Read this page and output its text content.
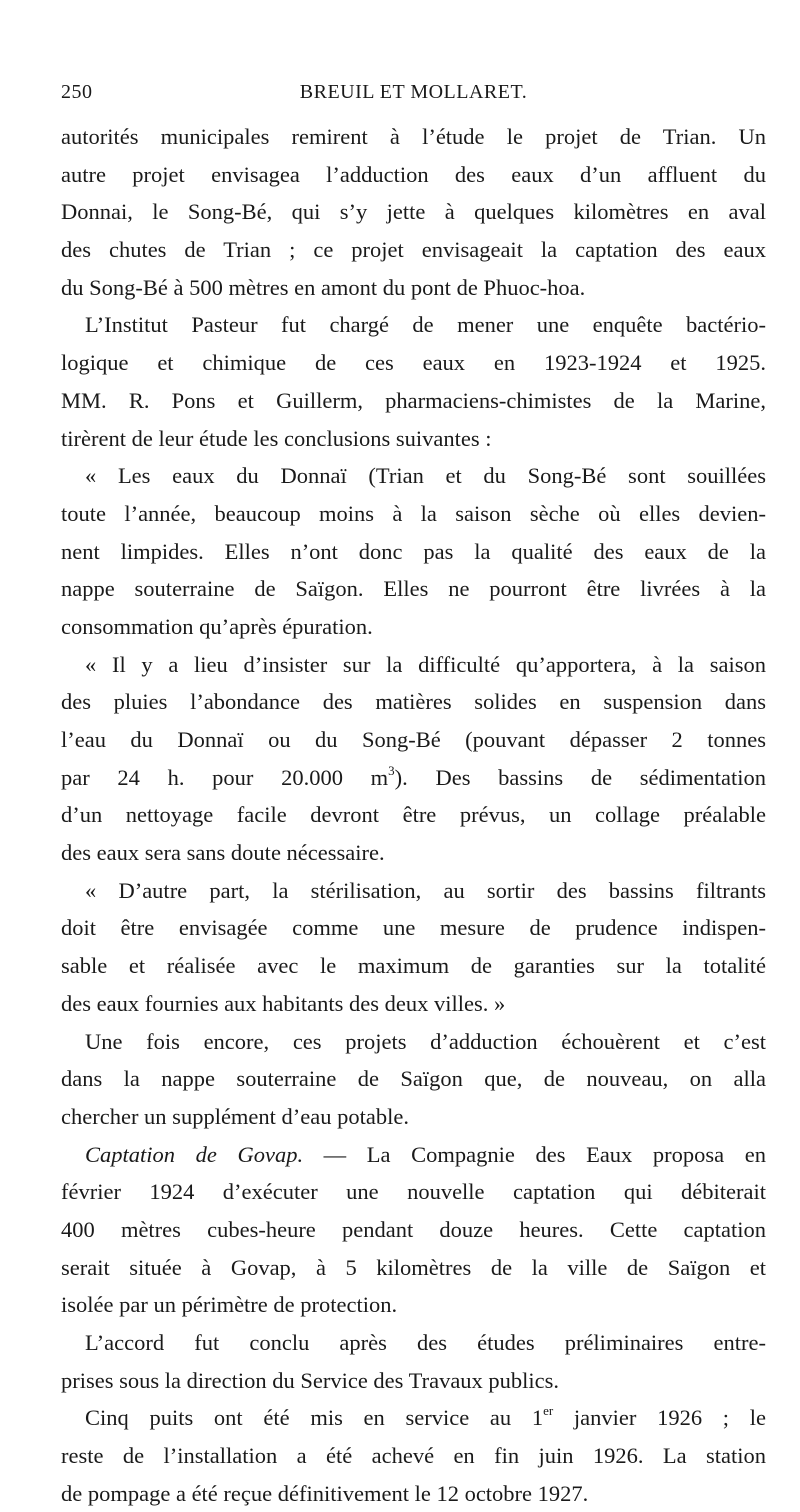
250	BREUIL ET MOLLARET.
autorités municipales remirent à l’étude le projet de Trian. Un
autre projet envisagea l’adduction des eaux d’un affluent du
Donnai, le Song-Bé, qui s’y jette à quelques kilomètres en aval
des chutes de Trian ; ce projet envisageait la captation des eaux
du Song-Bé à 500 mètres en amont du pont de Phuoc-hoa.
L’Institut Pasteur fut chargé de mener une enquête bactério-
logique et chimique de ces eaux en 1923-1924 et 1925.
MM. R. Pons et Guillerm, pharmaciens-chimistes de la Marine,
tirèrent de leur étude les conclusions suivantes :
« Les eaux du Donnaï (Trian et du Song-Bé sont souillées
toute l’année, beaucoup moins à la saison sèche où elles devien-
nent limpides. Elles n’ont donc pas la qualité des eaux de la
nappe souterraine de Saïgon. Elles ne pourront être livrées à la
consommation qu’après épuration.
« Il y a lieu d’insister sur la difficulté qu’apportera, à la saison
des pluies l’abondance des matières solides en suspension dans
l’eau du Donnaï ou du Song-Bé (pouvant dépasser 2 tonnes
par 24 h. pour 20.000 $m^3$). Des bassins de sédimentation
d’un nettoyage facile devront être prévus, un collage préalable
des eaux sera sans doute nécessaire.
« D’autre part, la stérilisation, au sortir des bassins filtrants
doit être envisagée comme une mesure de prudence indispen-
sable et réalisée avec le maximum de garanties sur la totalité
des eaux fournies aux habitants des deux villes. »
Une fois encore, ces projets d’adduction échouèrent et c’est
dans la nappe souterraine de Saïgon que, de nouveau, on alla
chercher un supplément d’eau potable.
Captation de Govap. — La Compagnie des Eaux proposa en
février 1924 d’exécuter une nouvelle captation qui débiterait
400 mètres cubes-heure pendant douze heures. Cette captation
serait située à Govap, à 5 kilomètres de la ville de Saïgon et
isolée par un périmètre de protection.
L’accord fut conclu après des études préliminaires entre-
prises sous la direction du Service des Travaux publics.
Cinq puits ont été mis en service au 1er janvier 1926 ; le
reste de l’installation a été achevé en fin juin 1926. La station
de pompage a été reçue définitivement le 12 octobre 1927.
